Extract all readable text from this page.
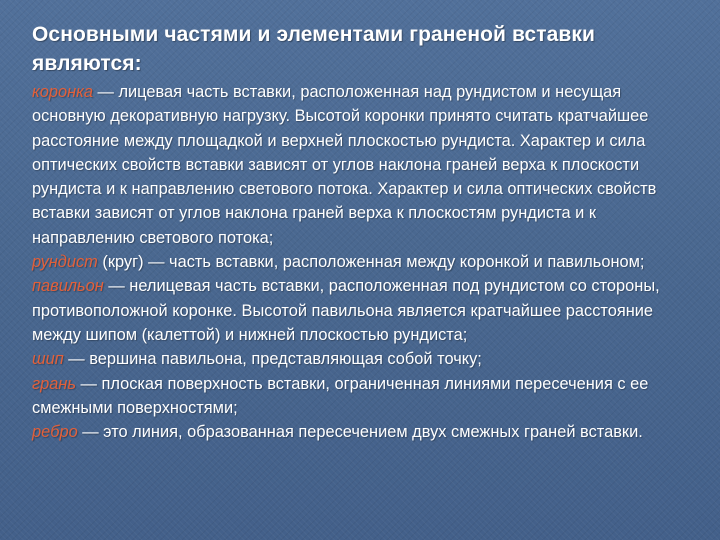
Основными частями и элементами граненой вставки являются:

коронка — лицевая часть вставки, расположенная над рундистом и несущая основную декоративную нагрузку. Высотой коронки принято считать кратчайшее расстояние между площадкой и верхней плоскостью рундиста. Характер и сила оптических свойств вставки зависят от углов наклона граней верха к плоскости рундиста и к направлению светового потока. Характер и сила оптических свойств вставки зависят от углов наклона граней верха к плоскостям рундиста и к направлению светового потока;

рундист (круг) — часть вставки, расположенная между коронкой и павильоном;

павильон — нелицевая часть вставки, расположенная под рундистом со стороны, противоположной коронке. Высотой павильона является кратчайшее расстояние между шипом (калеттой) и нижней плоскостью рундиста;

шип — вершина павильона, представляющая собой точку;

грань — плоская поверхность вставки, ограниченная линиями пересечения с ее смежными поверхностями;

ребро — это линия, образованная пересечением двух смежных граней вставки.
